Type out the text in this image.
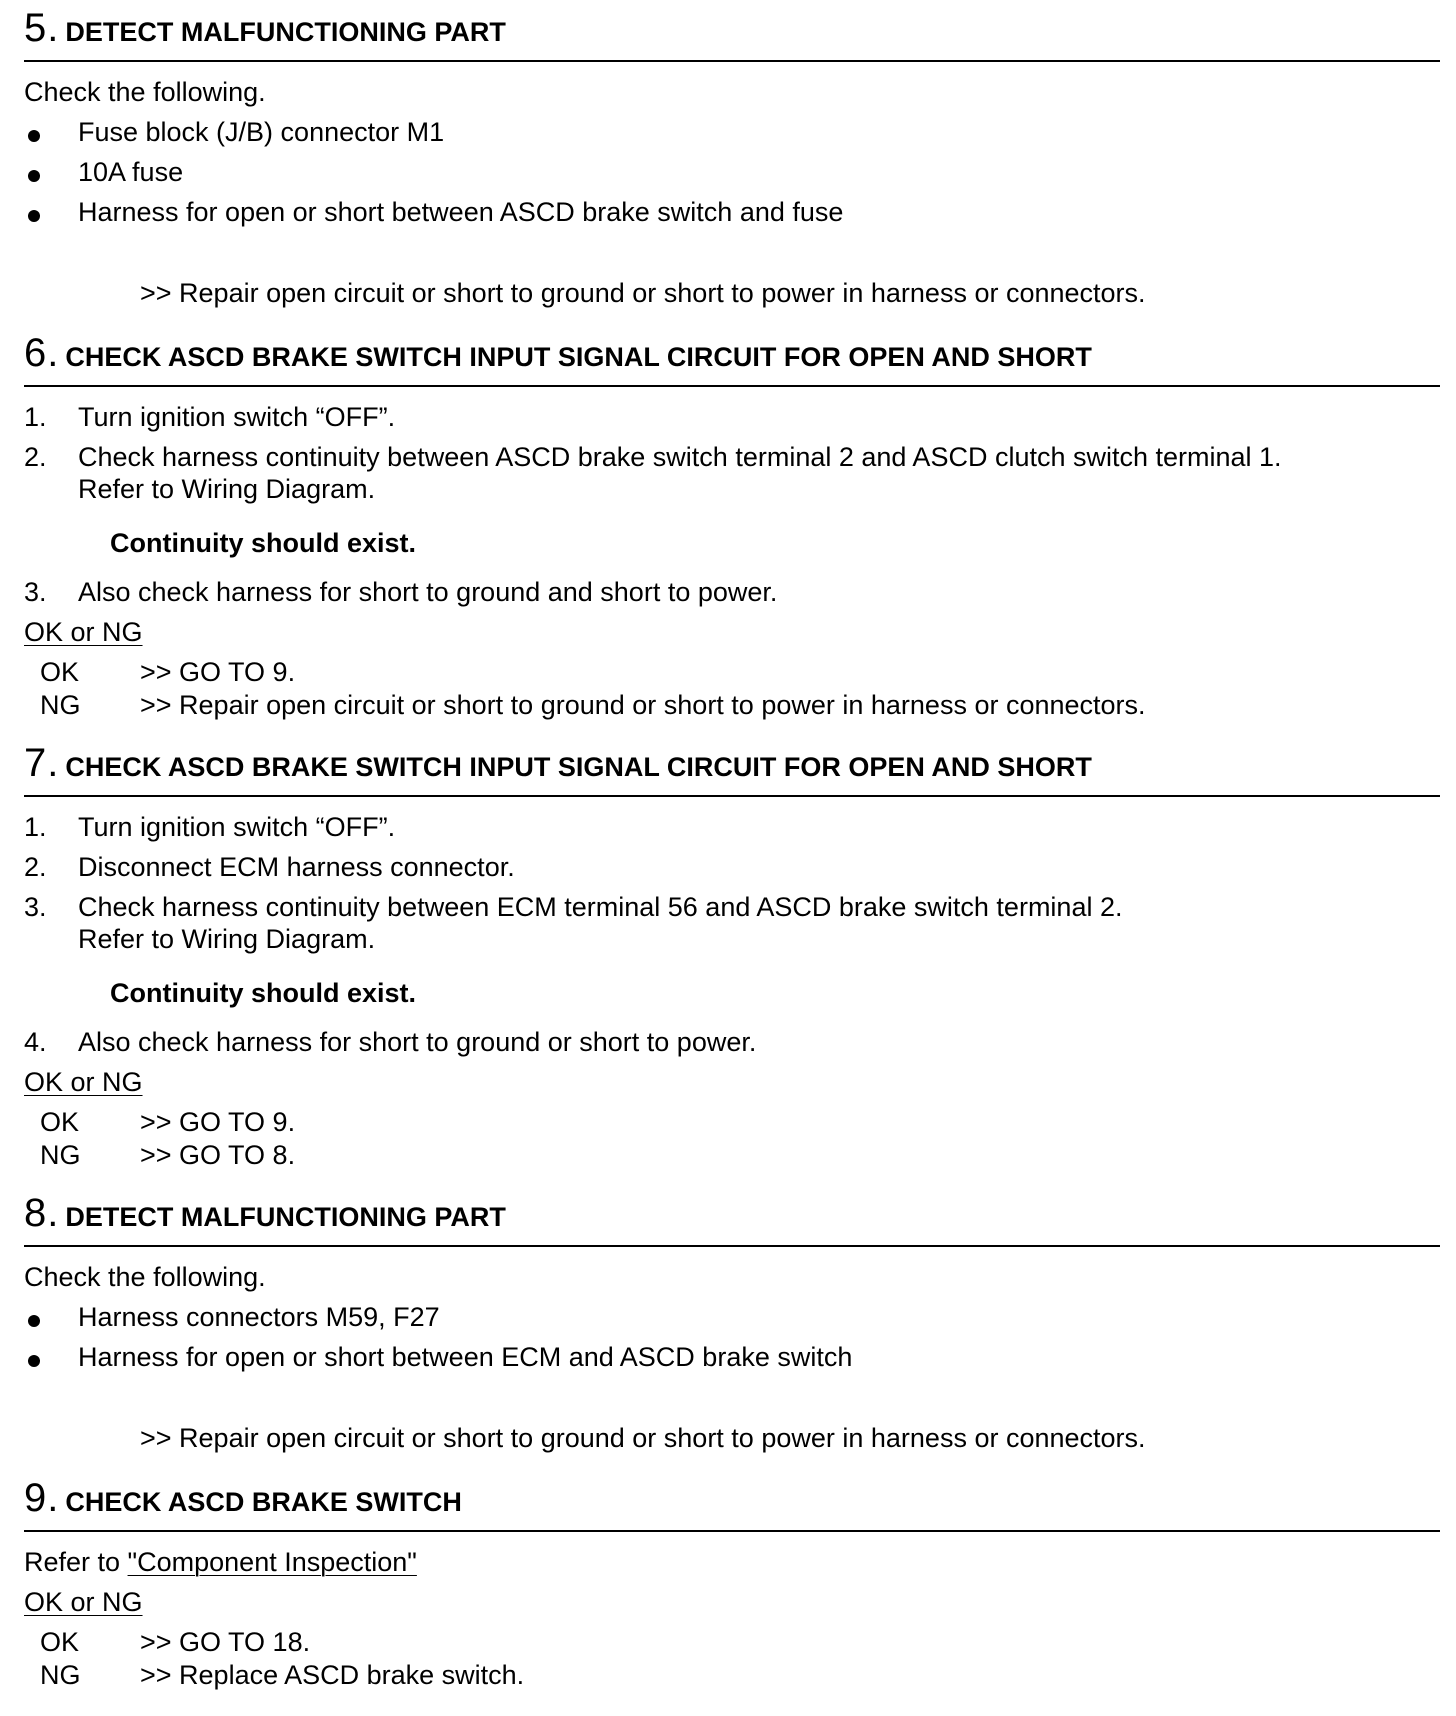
5. DETECT MALFUNCTIONING PART
Check the following.
Fuse block (J/B) connector M1
10A fuse
Harness for open or short between ASCD brake switch and fuse
>> Repair open circuit or short to ground or short to power in harness or connectors.
6. CHECK ASCD BRAKE SWITCH INPUT SIGNAL CIRCUIT FOR OPEN AND SHORT
1. Turn ignition switch “OFF”.
2. Check harness continuity between ASCD brake switch terminal 2 and ASCD clutch switch terminal 1.
Refer to Wiring Diagram.
Continuity should exist.
3. Also check harness for short to ground and short to power.
OK or NG
OK >> GO TO 9.
NG >> Repair open circuit or short to ground or short to power in harness or connectors.
7. CHECK ASCD BRAKE SWITCH INPUT SIGNAL CIRCUIT FOR OPEN AND SHORT
1. Turn ignition switch “OFF”.
2. Disconnect ECM harness connector.
3. Check harness continuity between ECM terminal 56 and ASCD brake switch terminal 2.
Refer to Wiring Diagram.
Continuity should exist.
4. Also check harness for short to ground or short to power.
OK or NG
OK >> GO TO 9.
NG >> GO TO 8.
8. DETECT MALFUNCTIONING PART
Check the following.
Harness connectors M59, F27
Harness for open or short between ECM and ASCD brake switch
>> Repair open circuit or short to ground or short to power in harness or connectors.
9. CHECK ASCD BRAKE SWITCH
Refer to "Component Inspection"
OK or NG
OK >> GO TO 18.
NG >> Replace ASCD brake switch.
